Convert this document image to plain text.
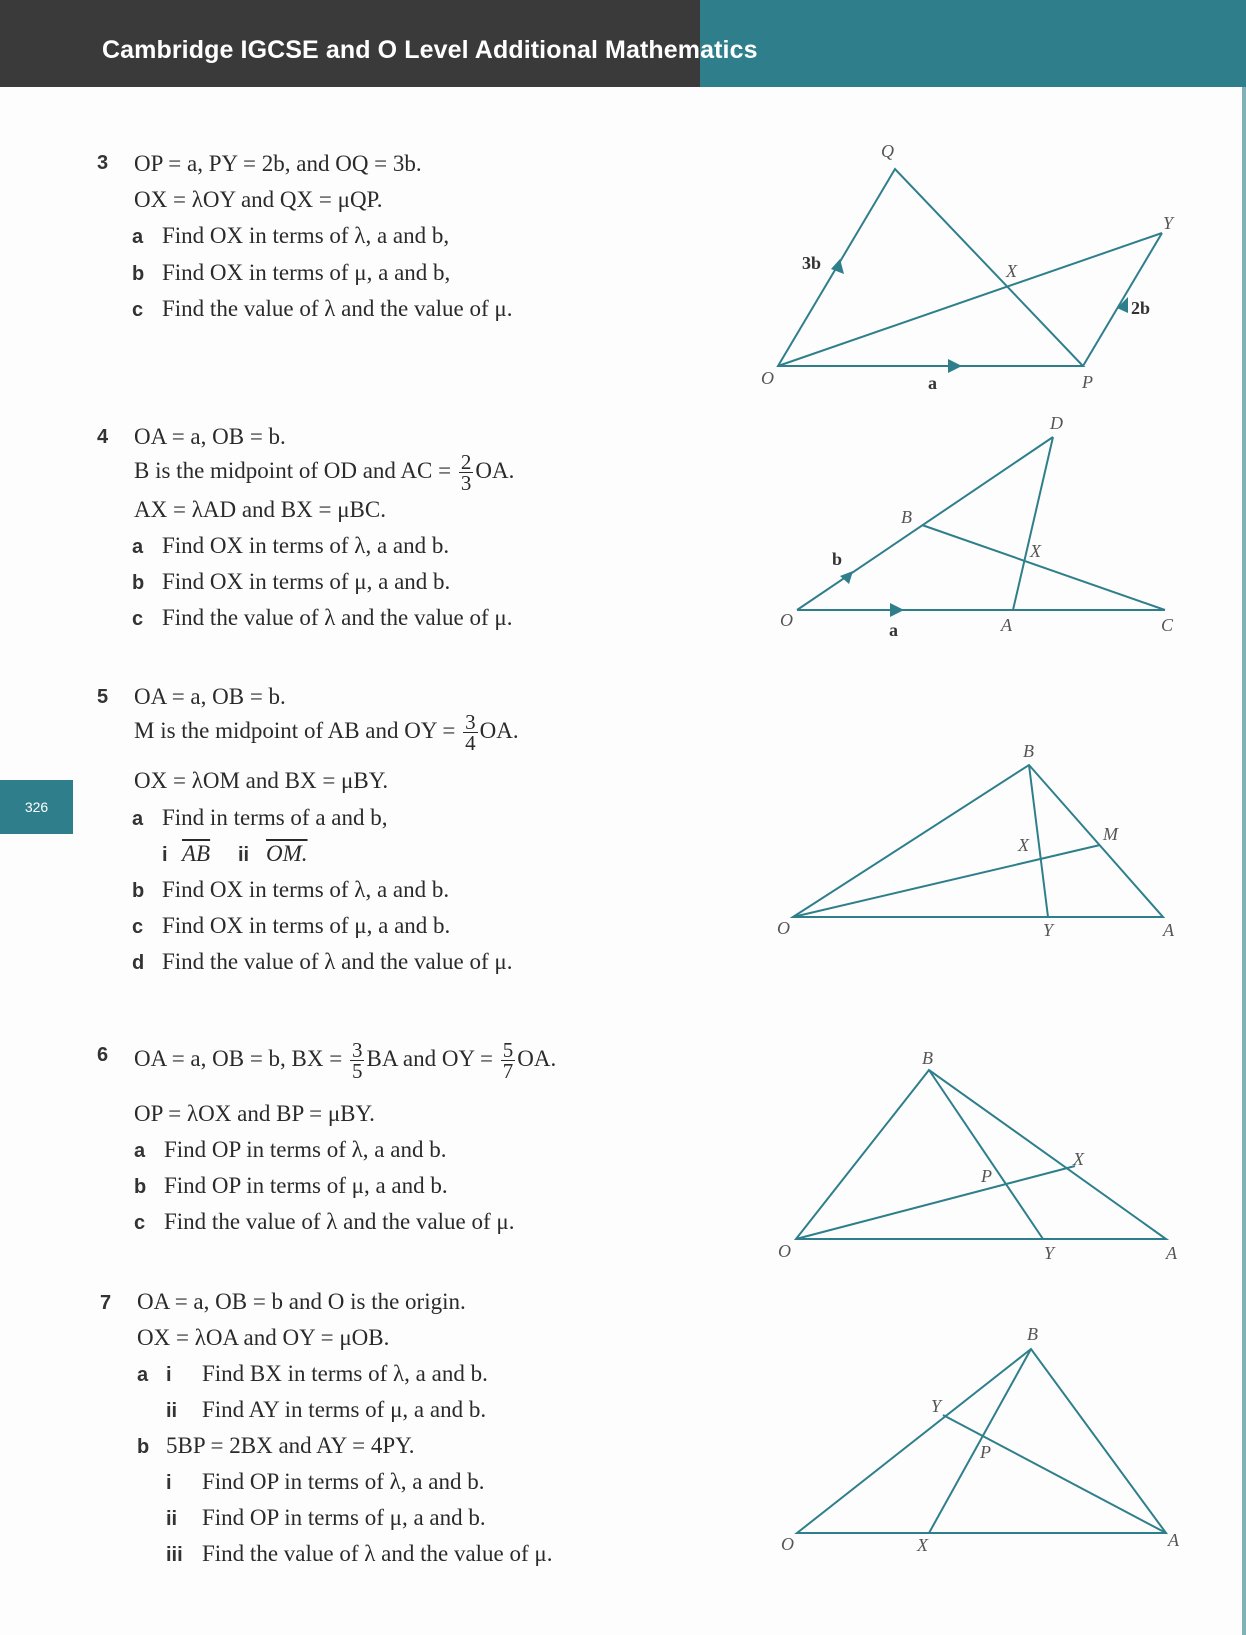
Cambridge IGCSE and O Level Additional Mathematics
326
3 OP = a, PY = 2b, and OQ = 3b.
OX = λOY and QX = μQP.
a Find OX in terms of λ, a and b,
b Find OX in terms of μ, a and b,
c Find the value of λ and the value of μ.
4 OA = a, OB = b.
B is the midpoint of OD and AC = $\frac{2}{3}$ OA.
AX = λAD and BX = μBC.
a Find OX in terms of λ, a and b.
b Find OX in terms of μ, a and b.
c Find the value of λ and the value of μ.
5 OA = a, OB = b.
M is the midpoint of AB and OY = $\frac{3}{4}$ OA.
OX = λOM and BX = μBY.
a Find in terms of a and b,
i $\overline{AB}$ ii OM.
b Find OX in terms of λ, a and b.
c Find OX in terms of μ, a and b.
d Find the value of λ and the value of μ.
6 OA = a, OB = b, BX = $\frac{3}{5}$ BA and OY = $\frac{5}{7}$ OA.
OP = λOX and BP = μBY.
a Find OP in terms of λ, a and b.
b Find OP in terms of μ, a and b.
c Find the value of λ and the value of μ.
7 OA = a, OB = b and O is the origin.
OX = λOA and OY = μOB.
a i Find BX in terms of λ, a and b.
ii Find AY in terms of μ, a and b.
b 5BP = 2BX and AY = 4PY.
i Find OP in terms of λ, a and b.
ii Find OP in terms of μ, a and b.
iii Find the value of λ and the value of μ.
Q
Y
X
3b
2b
O	a	P
D
B
X
b
O	a	A	C
B
M
X
O	Y	A
B
X
P
O	Y	A
B
Y
P
O	X	A
